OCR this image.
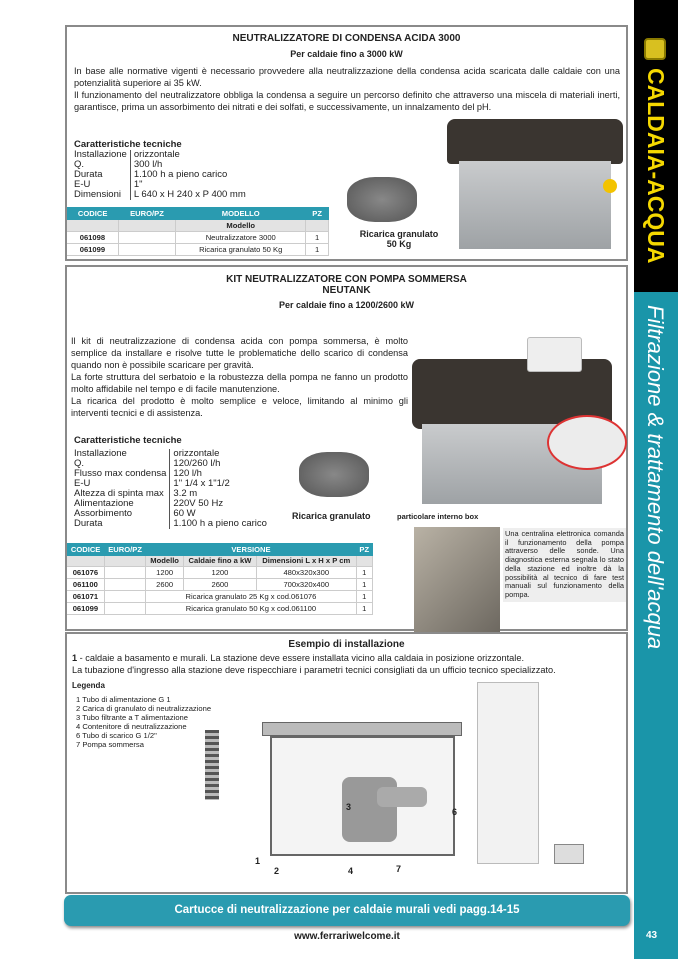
CALDAIA-ACQUA
Filtrazione & trattamento dell'acqua
43
NEUTRALIZZATORE DI CONDENSA ACIDA 3000
Per caldaie fino a 3000 kW
In base alle normative vigenti è necessario provvedere alla neutralizzazione della condensa acida scaricata dalle caldaie con una potenzialità superiore ai 35 kW.
Il funzionamento del neutralizzatore obbliga la condensa a seguire un percorso definito che attraverso una miscela di materiali inerti, garantisce, prima un assorbimento dei nitrati e dei solfati, e successivamente, un innalzamento del pH.
Caratteristiche tecniche
Installazione	orizzontale
Q.	300 l/h
Durata	1.100 h a pieno carico
E-U	1"
Dimensioni	L 640 x H 240 x P 400 mm
CODICE	EURO/PZ	MODELLO	PZ
		Modello	
061098		Neutralizzatore 3000	1
061099		Ricarica granulato 50 Kg	1
Ricarica granulato 50 Kg
KIT NEUTRALIZZATORE CON POMPA SOMMERSA
NEUTANK
Per caldaie fino a 1200/2600 kW
Il kit di neutralizzazione di condensa acida con pompa sommersa, è molto semplice da installare e risolve tutte le problematiche dello scarico di condensa quando non è possibile scaricare per gravità.
La forte struttura del serbatoio e la robustezza della pompa ne fanno un prodotto molto affidabile nel tempo e di facile manutenzione.
La ricarica del prodotto è molto semplice e veloce, limitando al minimo gli interventi tecnici e di assistenza.
Caratteristiche tecniche
Installazione	orizzontale
Q.	120/260 l/h
Flusso max condensa	120 l/h
E-U	1" 1/4 x 1"1/2
Altezza di spinta max	3.2 m
Alimentazione	220V 50 Hz
Assorbimento	60 W
Durata	1.100 h a pieno carico
Ricarica granulato	particolare interno box
Una centralina elettronica comanda il funzionamento della pompa attraverso delle sonde. Una diagnostica esterna segnala lo stato della stazione ed inoltre dà la possibilità al tecnico di fare test manuali sul funzionamento della pompa.
CODICE	EURO/PZ	VERSIONE			PZ
		Modello	Caldaie fino a kW	Dimensioni L x H x P cm	
061076		1200	1200	480x320x300	1
061100		2600	2600	700x320x400	1
061071		Ricarica granulato 25 Kg x cod.061076			1
061099		Ricarica granulato 50 Kg x cod.061100			1
Esempio di installazione
1 - caldaie a basamento e murali. La stazione deve essere installata vicino alla caldaia in posizione orizzontale.
La tubazione d'ingresso alla stazione deve rispecchiare i parametri tecnici consigliati da un ufficio tecnico specializzato.
Legenda
1 Tubo di alimentazione G 1
2 Carica di granulato di neutralizzazione
3 Tubo filtrante a T alimentazione
4 Contenitore di neutralizzazione
6 Tubo di scarico G 1/2"
7 Pompa sommersa
1
2
3
4
6
7
Cartucce di neutralizzazione per caldaie murali vedi pagg.14-15
www.ferrariwelcome.it
